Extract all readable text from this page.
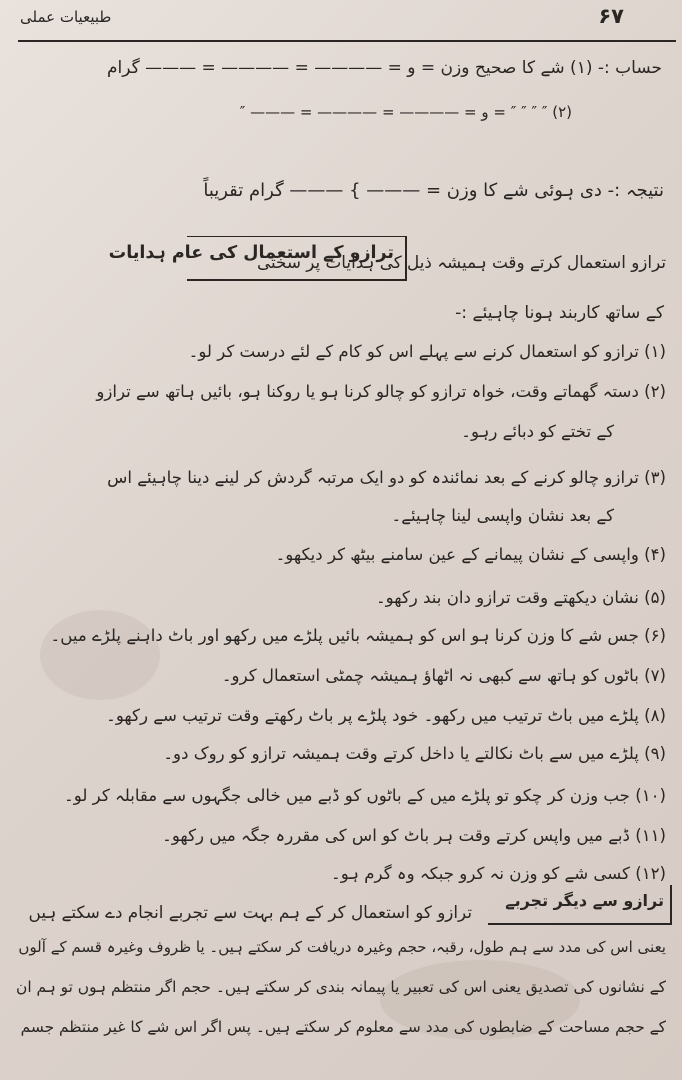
طبیعیات عملی	۶۷
حساب :- (۱) شے کا صحیح وزن = و = ———— = ———— = ——— گرام
(۲) ″ ″ ″ ″ = و = ———— = ———— = ——— ″
نتیجہ :- دی ہوئی شے کا وزن = ——— } ——— گرام تقریباً
ترازو کے استعمال کی عام ہدایات
ترازو استعمال کرتے وقت ہمیشہ ذیل کی ہدایات پر سختی
کے ساتھ کاربند ہونا چاہیئے :-
(۱) ترازو کو استعمال کرنے سے پہلے اس کو کام کے لئے درست کر لو۔
(۲) دستہ گھماتے وقت، خواہ ترازو کو چالو کرنا ہو یا روکنا ہو، بائیں ہاتھ سے ترازو
کے تختے کو دبائے رہو۔
(۳) ترازو چالو کرنے کے بعد نمائندہ کو دو ایک مرتبہ گردش کر لینے دینا چاہیئے اس
کے بعد نشان واپسی لینا چاہیئے۔
(۴) واپسی کے نشان پیمانے کے عین سامنے بیٹھ کر دیکھو۔
(۵) نشان دیکھتے وقت ترازو دان بند رکھو۔
(۶) جس شے کا وزن کرنا ہو اس کو ہمیشہ بائیں پلڑے میں رکھو اور باٹ داہنے پلڑے میں۔
(۷) باٹوں کو ہاتھ سے کبھی نہ اٹھاؤ ہمیشہ چمٹی استعمال کرو۔
(۸) پلڑے میں باٹ ترتیب میں رکھو۔ خود پلڑے پر باٹ رکھتے وقت ترتیب سے رکھو۔
(۹) پلڑے میں سے باٹ نکالتے یا داخل کرتے وقت ہمیشہ ترازو کو روک دو۔
(۱۰) جب وزن کر چکو تو پلڑے میں کے باٹوں کو ڈبے میں خالی جگہوں سے مقابلہ کر لو۔
(۱۱) ڈبے میں واپس کرتے وقت ہر باٹ کو اس کی مقررہ جگہ میں رکھو۔
(۱۲) کسی شے کو وزن نہ کرو جبکہ وہ گرم ہو۔
ترازو سے دیگر تجربے
ترازو کو استعمال کر کے ہم بہت سے تجربے انجام دے سکتے ہیں
یعنی اس کی مدد سے ہم طول، رقبہ، حجم وغیرہ دریافت کر سکتے ہیں۔ یا ظروف وغیرہ قسم کے آلوں
کے نشانوں کی تصدیق یعنی اس کی تعبیر یا پیمانہ بندی کر سکتے ہیں۔ حجم اگر منتظم ہوں تو ہم ان
کے حجم مساحت کے ضابطوں کی مدد سے معلوم کر سکتے ہیں۔ پس اگر اس شے کا غیر منتظم جسم
